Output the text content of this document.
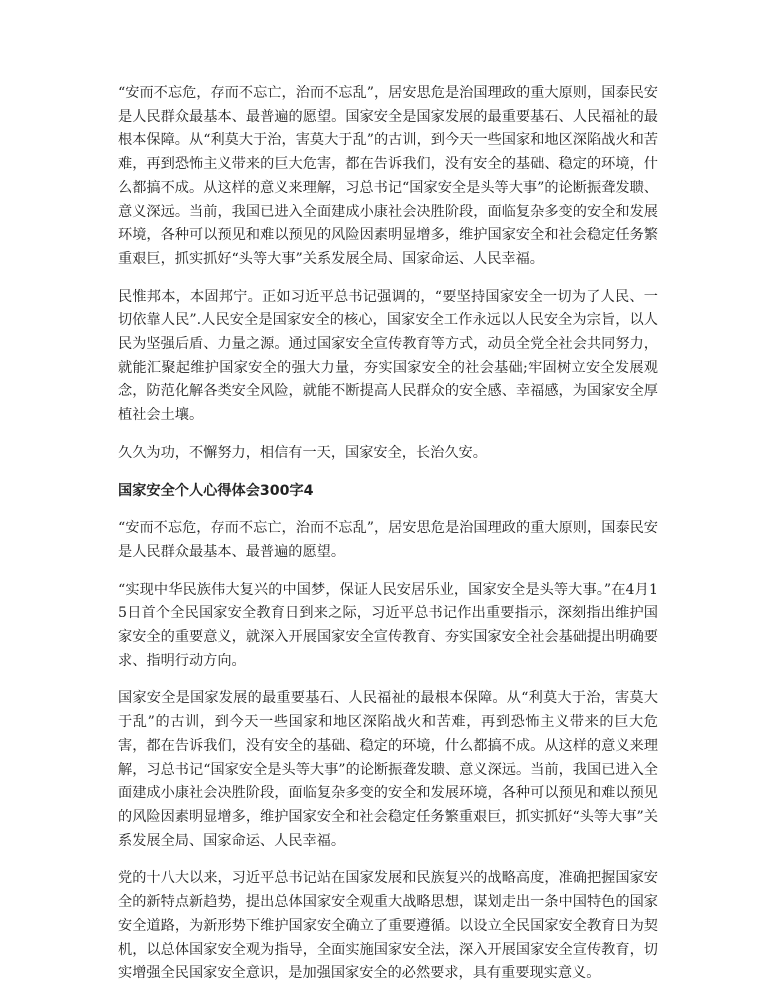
“安而不忘危，存而不忘亡，治而不忘乱”，居安思危是治国理政的重大原则，国泰民安是人民群众最基本、最普遍的愿望。国家安全是国家发展的最重要基石、人民福祉的最根本保障。从“利莫大于治，害莫大于乱”的古训，到今天一些国家和地区深陷战火和苦难，再到恐怖主义带来的巨大危害，都在告诉我们，没有安全的基础、稳定的环境，什么都搞不成。从这样的意义来理解，习总书记“国家安全是头等大事”的论断振聋发聩、意义深远。当前，我国已进入全面建成小康社会决胜阶段，面临复杂多变的安全和发展环境，各种可以预见和难以预见的风险因素明显增多，维护国家安全和社会稳定任务繁重艰巨，抓实抓好“头等大事”关系发展全局、国家命运、人民幸福。

民惟邦本，本固邦宁。正如习近平总书记强调的，“要坚持国家安全一切为了人民、一切依靠人民”.人民安全是国家安全的核心，国家安全工作永远以人民安全为宗旨，以人民为坚强后盾、力量之源。通过国家安全宣传教育等方式，动员全党全社会共同努力，就能汇聚起维护国家安全的强大力量，夯实国家安全的社会基础;牢固树立安全发展观念，防范化解各类安全风险，就能不断提高人民群众的安全感、幸福感，为国家安全厚植社会土壤。

久久为功，不懈努力，相信有一天，国家安全，长治久安。

国家安全个人心得体会300字4

“安而不忘危，存而不忘亡，治而不忘乱”，居安思危是治国理政的重大原则，国泰民安是人民群众最基本、最普遍的愿望。

“实现中华民族伟大复兴的中国梦，保证人民安居乐业，国家安全是头等大事。”在4月15日首个全民国家安全教育日到来之际，习近平总书记作出重要指示，深刻指出维护国家安全的重要意义，就深入开展国家安全宣传教育、夯实国家安全社会基础提出明确要求、指明行动方向。

国家安全是国家发展的最重要基石、人民福祉的最根本保障。从“利莫大于治，害莫大于乱”的古训，到今天一些国家和地区深陷战火和苦难，再到恐怖主义带来的巨大危害，都在告诉我们，没有安全的基础、稳定的环境，什么都搞不成。从这样的意义来理解，习总书记“国家安全是头等大事”的论断振聋发聩、意义深远。当前，我国已进入全面建成小康社会决胜阶段，面临复杂多变的安全和发展环境，各种可以预见和难以预见的风险因素明显增多，维护国家安全和社会稳定任务繁重艰巨，抓实抓好“头等大事”关系发展全局、国家命运、人民幸福。

党的十八大以来，习近平总书记站在国家发展和民族复兴的战略高度，准确把握国家安全的新特点新趋势，提出总体国家安全观重大战略思想，谋划走出一条中国特色的国家安全道路，为新形势下维护国家安全确立了重要遵循。以设立全民国家安全教育日为契机，以总体国家安全观为指导，全面实施国家安全法，深入开展国家安全宣传教育，切实增强全民国家安全意识，是加强国家安全的必然要求，具有重要现实意义。
